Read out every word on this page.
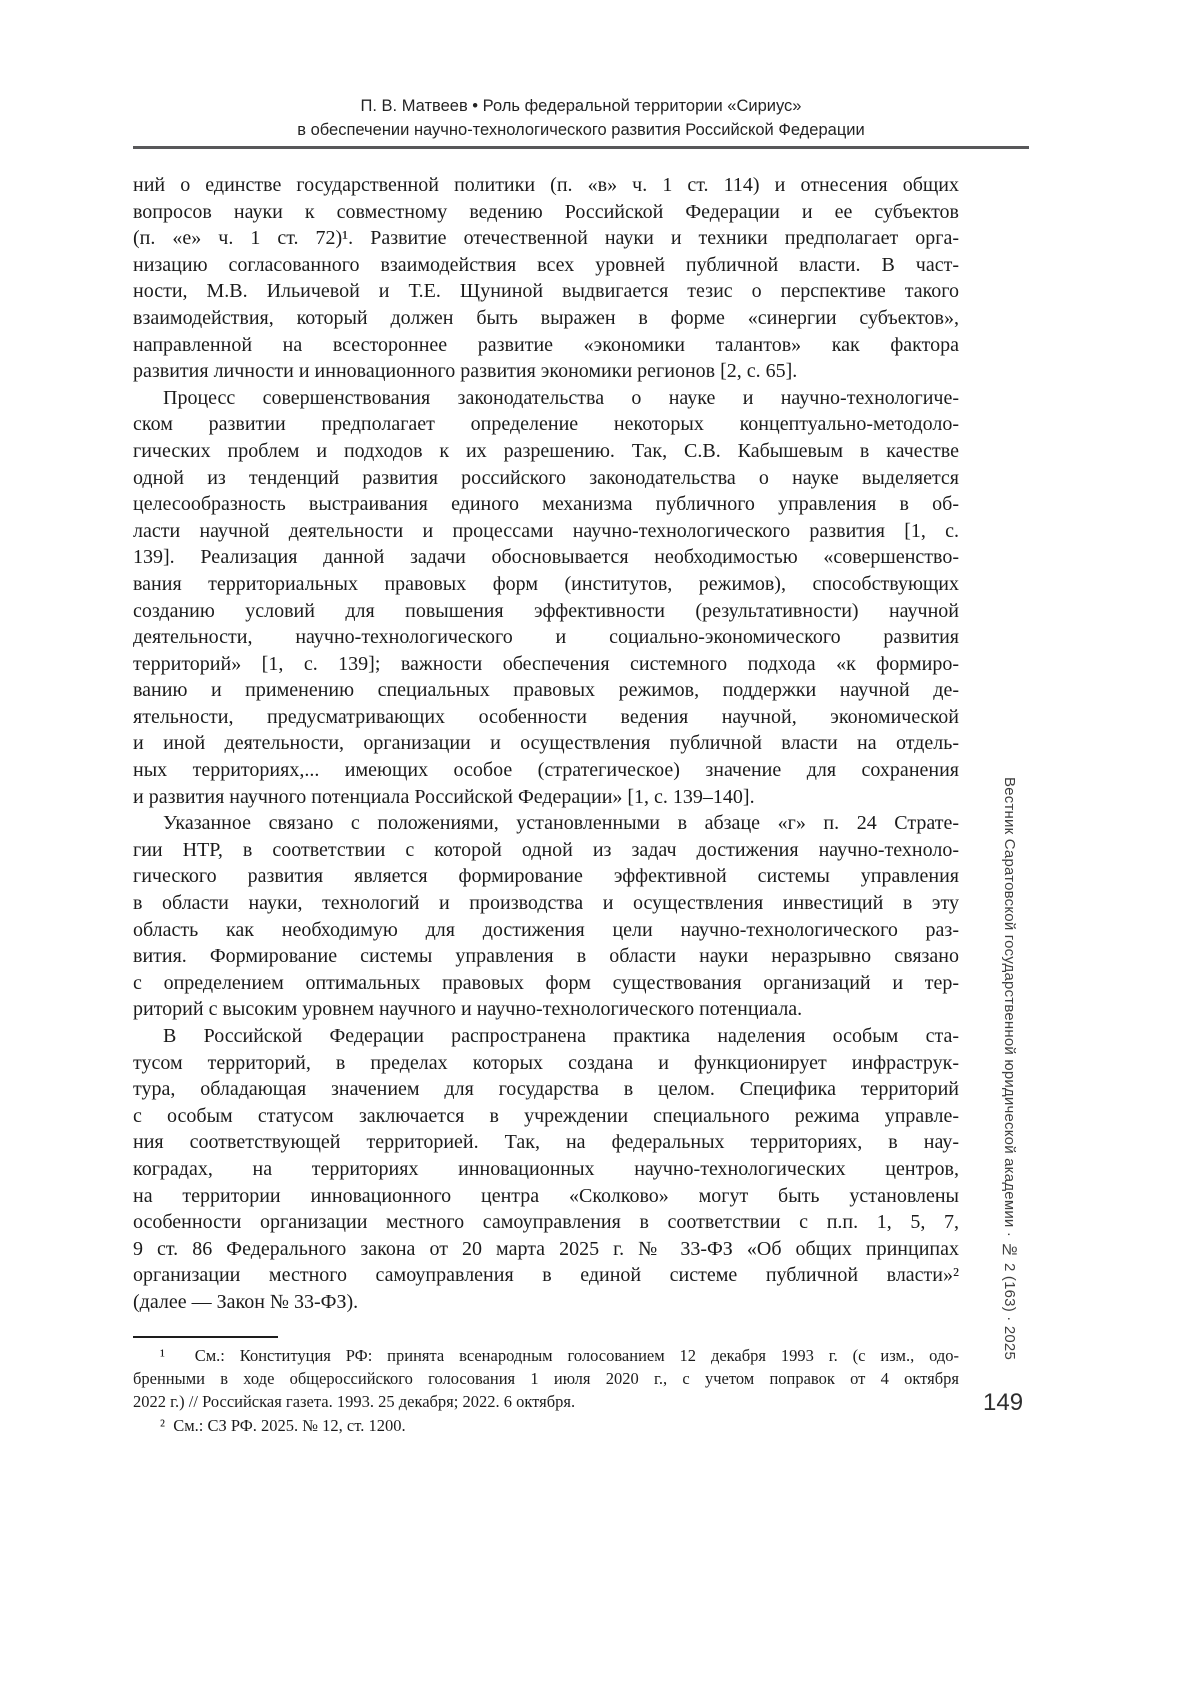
П. В. Матвеев • Роль федеральной территории «Сириус»
в обеспечении научно-технологического развития Российской Федерации
ний о единстве государственной политики (п. «в» ч. 1 ст. 114) и отнесения общих
вопросов науки к совместному ведению Российской Федерации и ее субъектов
(п. «е» ч. 1 ст. 72)¹. Развитие отечественной науки и техники предполагает орга-
низацию согласованного взаимодействия всех уровней публичной власти. В част-
ности, М.В. Ильичевой и Т.Е. Щуниной выдвигается тезис о перспективе такого
взаимодействия, который должен быть выражен в форме «синергии субъектов»,
направленной на всестороннее развитие «экономики талантов» как фактора
развития личности и инновационного развития экономики регионов [2, с. 65].
Процесс совершенствования законодательства о науке и научно-технологиче-
ском развитии предполагает определение некоторых концептуально-методоло-
гических проблем и подходов к их разрешению. Так, С.В. Кабышевым в качестве
одной из тенденций развития российского законодательства о науке выделяется
целесообразность выстраивания единого механизма публичного управления в об-
ласти научной деятельности и процессами научно-технологического развития [1, с.
139]. Реализация данной задачи обосновывается необходимостью «совершенство-
вания территориальных правовых форм (институтов, режимов), способствующих
созданию условий для повышения эффективности (результативности) научной
деятельности, научно-технологического и социально-экономического развития
территорий» [1, с. 139]; важности обеспечения системного подхода «к формиро-
ванию и применению специальных правовых режимов, поддержки научной де-
ятельности, предусматривающих особенности ведения научной, экономической
и иной деятельности, организации и осуществления публичной власти на отдель-
ных территориях,... имеющих особое (стратегическое) значение для сохранения
и развития научного потенциала Российской Федерации» [1, с. 139–140].
Указанное связано с положениями, установленными в абзаце «г» п. 24 Страте-
гии НТР, в соответствии с которой одной из задач достижения научно-техноло-
гического развития является формирование эффективной системы управления
в области науки, технологий и производства и осуществления инвестиций в эту
область как необходимую для достижения цели научно-технологического раз-
вития. Формирование системы управления в области науки неразрывно связано
с определением оптимальных правовых форм существования организаций и тер-
риторий с высоким уровнем научного и научно-технологического потенциала.
В Российской Федерации распространена практика наделения особым ста-
тусом территорий, в пределах которых создана и функционирует инфраструк-
тура, обладающая значением для государства в целом. Специфика территорий
с особым статусом заключается в учреждении специального режима управле-
ния соответствующей территорией. Так, на федеральных территориях, в нау-
коградах, на территориях инновационных научно-технологических центров,
на территории инновационного центра «Сколково» могут быть установлены
особенности организации местного самоуправления в соответствии с п.п. 1, 5, 7,
9 ст. 86 Федерального закона от 20 марта 2025 г. № 33-ФЗ «Об общих принципах
организации местного самоуправления в единой системе публичной власти»²
(далее — Закон № 33-ФЗ).
¹  См.: Конституция РФ: принята всенародным голосованием 12 декабря 1993 г. (с изм., одо-
бренными в ходе общероссийского голосования 1 июля 2020 г., с учетом поправок от 4 октября
2022 г.) // Российская газета. 1993. 25 декабря; 2022. 6 октября.
²  См.: СЗ РФ. 2025. № 12, ст. 1200.
Вестник Саратовской государственной юридической академии · № 2 (163) · 2025
149
